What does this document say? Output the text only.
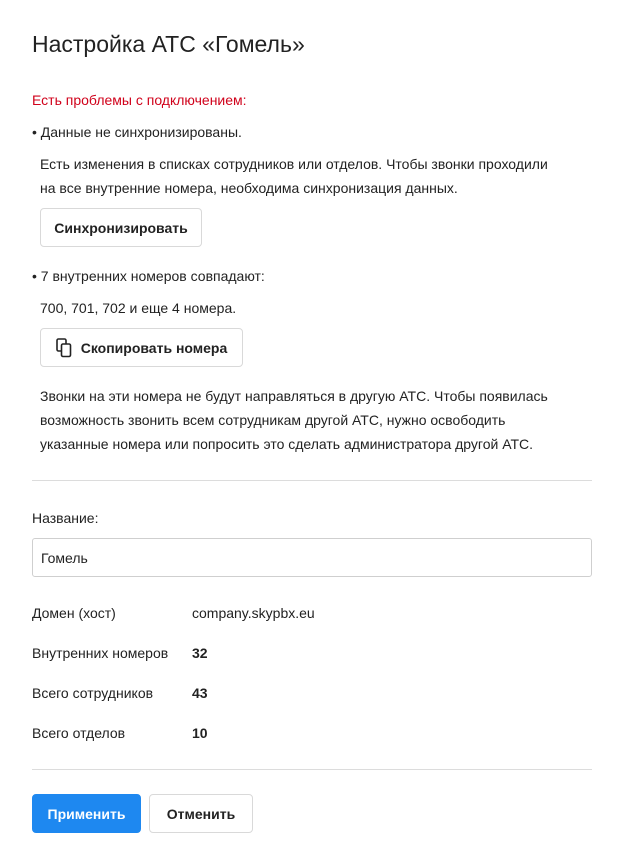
Настройка АТС «Гомель»
Есть проблемы с подключением:
• Данные не синхронизированы.
Есть изменения в списках сотрудников или отделов. Чтобы звонки проходили
на все внутренние номера, необходима синхронизация данных.
Синхронизировать
• 7 внутренних номеров совпадают:
700, 701, 702 и еще 4 номера.
Скопировать номера
Звонки на эти номера не будут направляться в другую АТС. Чтобы появилась
возможность звонить всем сотрудникам другой АТС, нужно освободить
указанные номера или попросить это сделать администратора другой АТС.
Название:
Гомель
Домен (хост)	company.skypbx.eu
Внутренних номеров 32
Всего сотрудников	43
Всего отделов	10
Применить	Отменить
